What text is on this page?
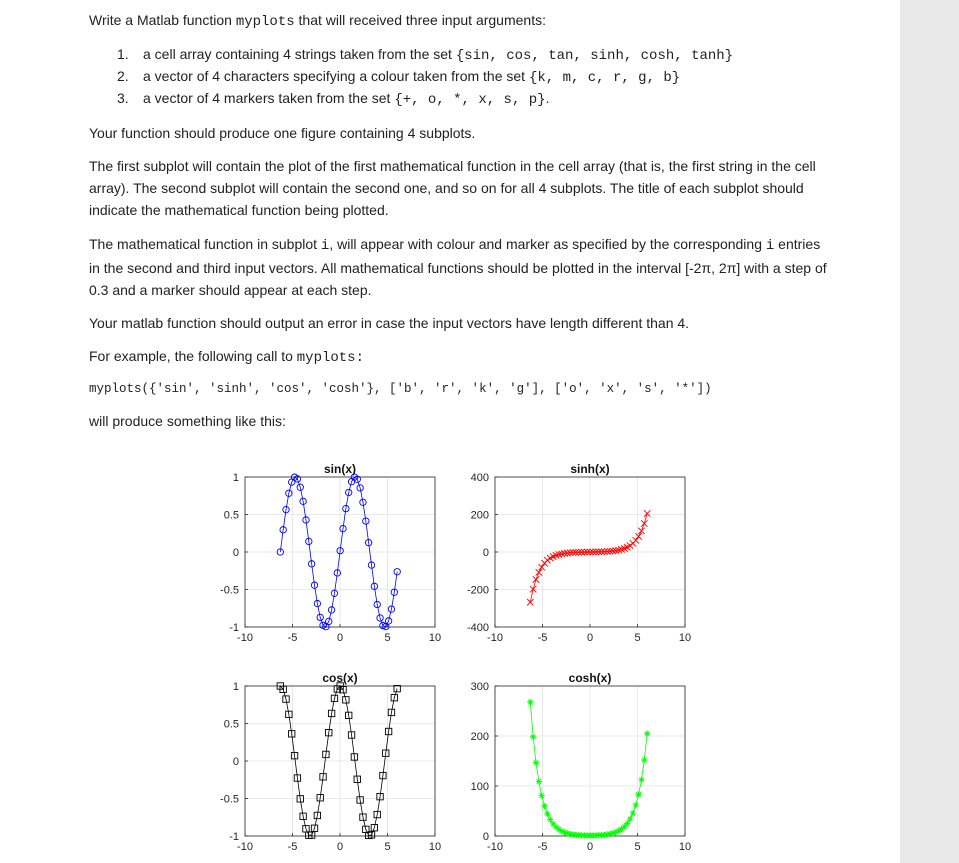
Write a Matlab function myplots that will received three input arguments:

1. a cell array containing 4 strings taken from the set {sin, cos, tan, sinh, cosh, tanh}
2. a vector of 4 characters specifying a colour taken from the set {k, m, c, r, g, b}
3. a vector of 4 markers taken from the set {+, o, *, x, s, p}.

Your function should produce one figure containing 4 subplots.

The first subplot will contain the plot of the first mathematical function in the cell array (that is, the first string in the cell array). The second subplot will contain the second one, and so on for all 4 subplots. The title of each subplot should indicate the mathematical function being plotted.

The mathematical function in subplot i, will appear with colour and marker as specified by the corresponding i entries in the second and third input vectors. All mathematical functions should be plotted in the interval [-2π, 2π] with a step of 0.3 and a marker should appear at each step.

Your matlab function should output an error in case the input vectors have length different than 4.

For example, the following call to myplots:

myplots({'sin', 'sinh', 'cos', 'cosh'}, ['b', 'r', 'k', 'g'], ['o', 'x', 's', '*'])

will produce something like this:

-10	-5	0	5	10
-1
-0.5
0
0.5
1
sin(x)
-10	-5	0	5	10
-400
-200
0
200
400
sinh(x)
-10	-5	0	5	10
-1
-0.5
0
0.5
1
cos(x)
-10	-5	0	5	10
0
100
200
300
cosh(x)
